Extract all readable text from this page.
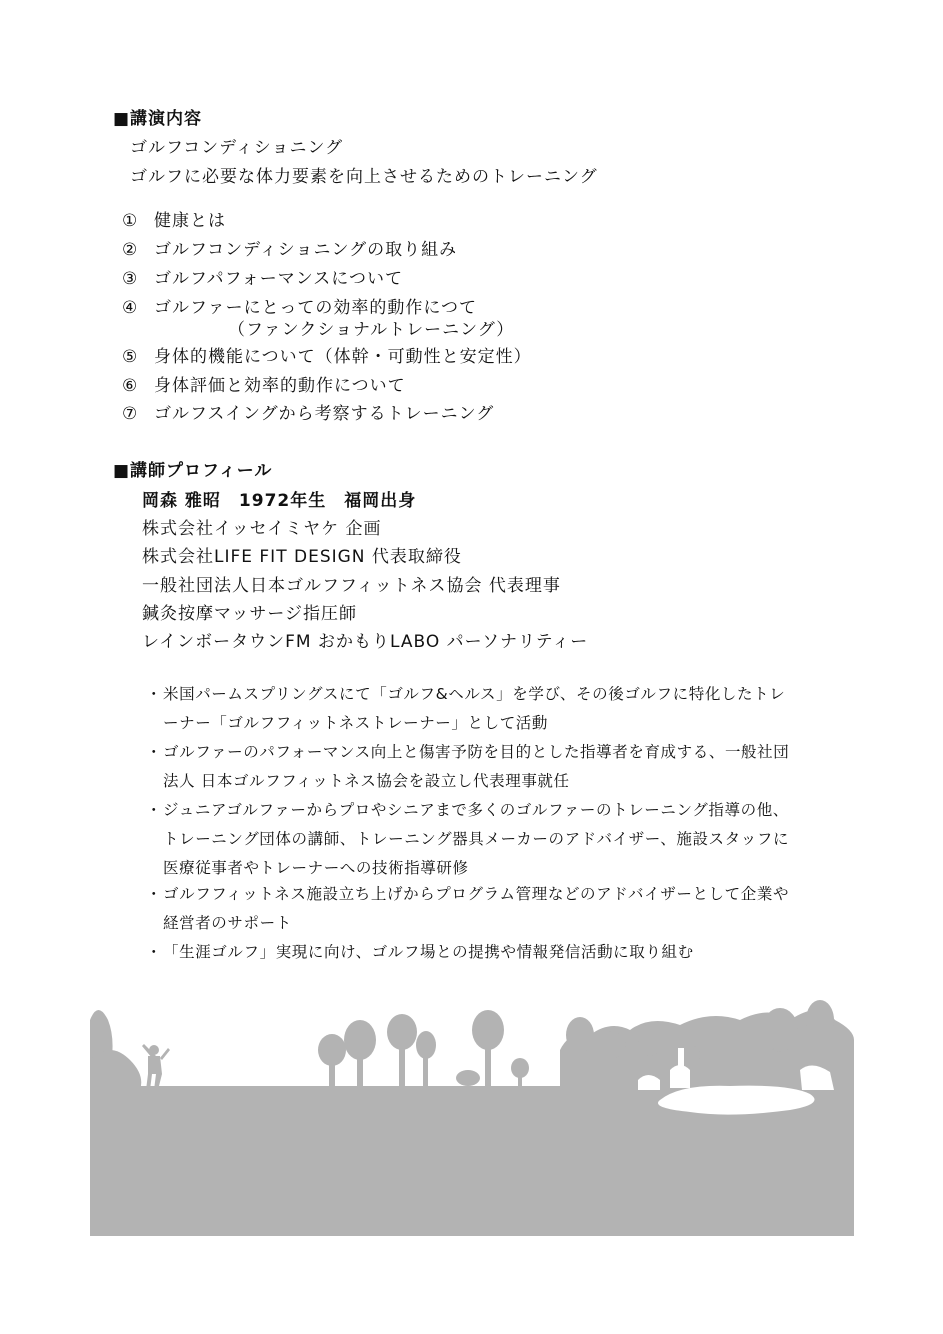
■講演内容
ゴルフコンディショニング
ゴルフに必要な体力要素を向上させるためのトレーニング
① 健康とは
② ゴルフコンディショニングの取り組み
③ ゴルフパフォーマンスについて
④ ゴルファーにとっての効率的動作につて
（ファンクショナルトレーニング）
⑤ 身体的機能について（体幹・可動性と安定性）
⑥ 身体評価と効率的動作について
⑦ ゴルフスイングから考察するトレーニング
■講師プロフィール
岡森 雅昭　1972年生　福岡出身
株式会社イッセイミヤケ 企画
株式会社LIFE FIT DESIGN 代表取締役
一般社団法人日本ゴルフフィットネス協会 代表理事
鍼灸按摩マッサージ指圧師
レインボータウンFM おかもりLABO パーソナリティー
・ 米国パームスプリングスにて「ゴルフ&ヘルス」を学び、その後ゴルフに特化したトレーナー「ゴルフフィットネストレーナー」として活動
・ ゴルファーのパフォーマンス向上と傷害予防を目的とした指導者を育成する、一般社団法人 日本ゴルフフィットネス協会を設立し代表理事就任
・ ジュニアゴルファーからプロやシニアまで多くのゴルファーのトレーニング指導の他、トレーニング団体の講師、トレーニング器具メーカーのアドバイザー、施設スタッフに医療従事者やトレーナーへの技術指導研修
・ ゴルフフィットネス施設立ち上げからプログラム管理などのアドバイザーとして企業や経営者のサポート
・ 「生涯ゴルフ」実現に向け、ゴルフ場との提携や情報発信活動に取り組む
